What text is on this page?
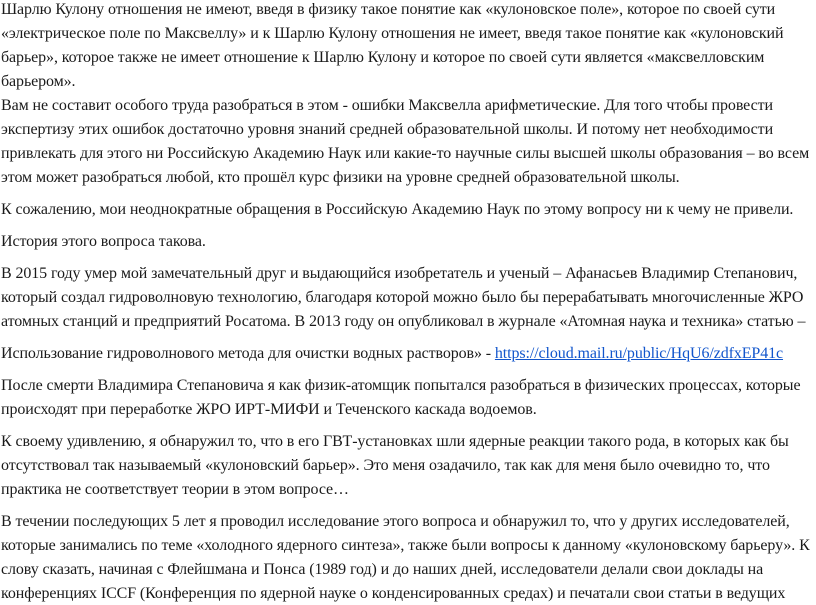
Шарлю Кулону отношения не имеют, введя в физику такое понятие как «кулоновское поле», которое по своей сути
«электрическое поле по Максвеллу» и к Шарлю Кулону отношения не имеет, введя такое понятие как «кулоновский
барьер», которое также не имеет отношение к Шарлю Кулону и которое по своей сути является «максвелловским
барьером».
Вам не составит особого труда разобраться в этом - ошибки Максвелла арифметические. Для того чтобы провести
экспертизу этих ошибок достаточно уровня знаний средней образовательной школы. И потому нет необходимости
привлекать для этого ни Российскую Академию Наук или какие-то научные силы высшей школы образования – во всем
этом может разобраться любой, кто прошёл курс физики на уровне средней образовательной школы.
К сожалению, мои неоднократные обращения в Российскую Академию Наук по этому вопросу ни к чему не привели.
История этого вопроса такова.
В 2015 году умер мой замечательный друг и выдающийся изобретатель и ученый – Афанасьев Владимир Степанович,
который создал гидроволновую технологию, благодаря которой можно было бы перерабатывать многочисленные ЖРО
атомных станций и предприятий Росатома. В 2013 году он опубликовал в журнале «Атомная наука и техника» статью –
Использование гидроволнового метода для очистки водных растворов» - https://cloud.mail.ru/public/HqU6/zdfxEP41c
После смерти Владимира Степановича я как физик-атомщик попытался разобраться в физических процессах, которые
происходят при переработке ЖРО ИРТ-МИФИ и Теченского каскада водоемов.
К своему удивлению, я обнаружил то, что в его ГВТ-установках шли ядерные реакции такого рода, в которых как бы
отсутствовал так называемый «кулоновский барьер». Это меня озадачило, так как для меня было очевидно то, что
практика не соответствует теории в этом вопросе…
В течении последующих 5 лет я проводил исследование этого вопроса и обнаружил то, что у других исследователей,
которые занимались по теме «холодного ядерного синтеза», также были вопросы к данному «кулоновскому барьеру». К
слову сказать, начиная с Флейшмана и Понса (1989 год) и до наших дней, исследователи делали свои доклады на
конференциях ICCF (Конференция по ядерной науке о конденсированных средах) и печатали свои статьи в ведущих
